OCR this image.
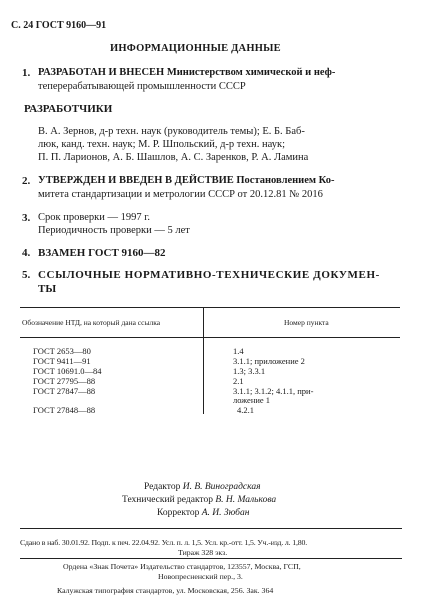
С. 24 ГОСТ 9160—91
ИНФОРМАЦИОННЫЕ ДАННЫЕ
1. РАЗРАБОТАН И ВНЕСЕН Министерством химической и неф-
теперерабатывающей промышленности СССР
РАЗРАБОТЧИКИ
В. А. Зернов, д-р техн. наук (руководитель темы); Е. Б. Баб-
люк, канд. техн. наук; М. Р. Шпольский, д-р техн. наук;
П. П. Ларионов, А. Б. Шашлов, А. С. Заренков, Р. А. Ламина
2. УТВЕРЖДЕН И ВВЕДЕН В ДЕЙСТВИЕ Постановлением Ко-
митета стандартизации и метрологии СССР от 20.12.81 № 2016
3. Срок проверки — 1997 г.
Периодичность проверки — 5 лет
4. ВЗАМЕН ГОСТ 9160—82
5. ССЫЛОЧНЫЕ НОРМАТИВНО-ТЕХНИЧЕСКИЕ ДОКУМЕН-
ТЫ
Обозначение НТД, на который дана ссылка	Номер пункта
ГОСТ 2653—80	1.4
ГОСТ 9411—91	3.1.1; приложение 2
ГОСТ 10691.0—84	1.3; 3.3.1
ГОСТ 27795—88	2.1
ГОСТ 27847—88	3.1.1; 3.1.2; 4.1.1, при-
ложение 1
ГОСТ 27848—88	4.2.1
Редактор И. В. Виноградская
Технический редактор В. Н. Малькова
Корректор А. И. Зюбан
Сдано в наб. 30.01.92. Подп. к печ. 22.04.92. Усл. п. л. 1,5. Усл. кр.-отт. 1,5. Уч.-изд. л. 1,80.
Тираж 328 экз.
Ордена «Знак Почета» Издательство стандартов, 123557, Москва, ГСП,
Новопресненский пер., 3.
Калужская типография стандартов, ул. Московская, 256. Зак. 364
